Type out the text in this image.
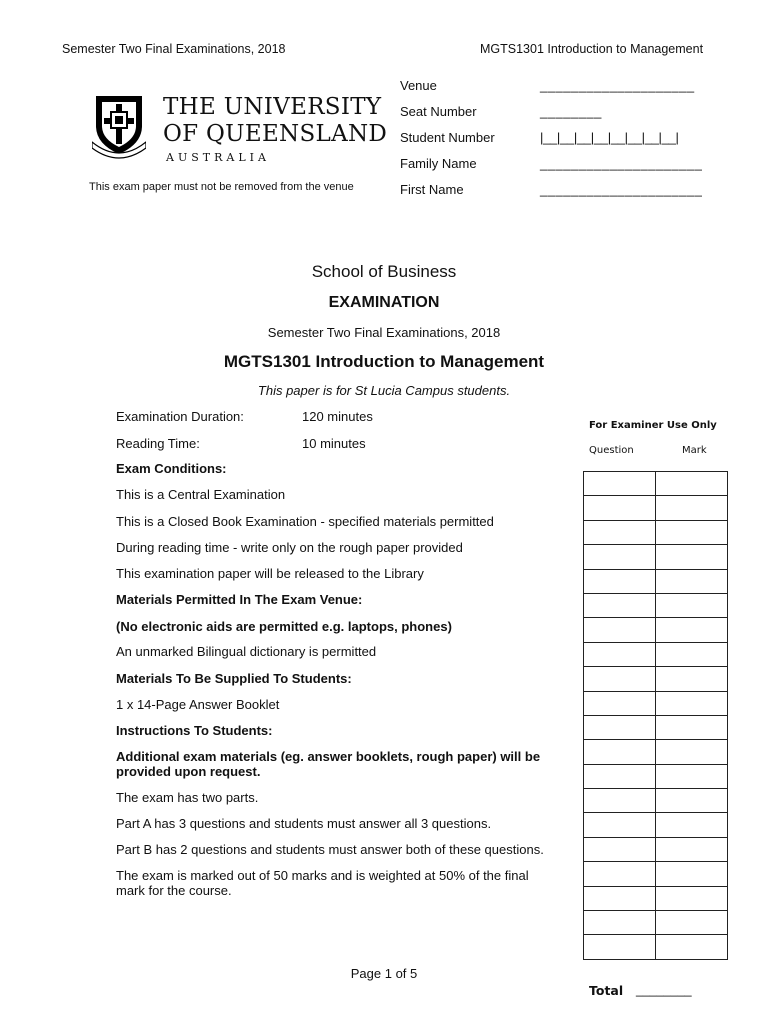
Semester Two Final Examinations, 2018	MGTS1301 Introduction to Management
THE UNIVERSITY
OF QUEENSLAND
AUSTRALIA
This exam paper must not be removed from the venue
Venue	____________________
Seat Number	________
Student Number	|__|__|__|__|__|__|__|__|
Family Name	_____________________
First Name	_____________________
School of Business
EXAMINATION
Semester Two Final Examinations, 2018
MGTS1301 Introduction to Management
This paper is for St Lucia Campus students.
Examination Duration:	120 minutes
Reading Time:	10 minutes
Exam Conditions:
This is a Central Examination
This is a Closed Book Examination - specified materials permitted
During reading time - write only on the rough paper provided
This examination paper will be released to the Library
Materials Permitted In The Exam Venue:
(No electronic aids are permitted e.g. laptops, phones)
An unmarked Bilingual dictionary is permitted
Materials To Be Supplied To Students:
1 x 14-Page Answer Booklet
Instructions To Students:
Additional exam materials (eg. answer booklets, rough paper) will be provided upon request.
The exam has two parts.
Part A has 3 questions and students must answer all 3 questions.
Part B has 2 questions and students must answer both of these questions.
The exam is marked out of 50 marks and is weighted at 50% of the final mark for the course.
For Examiner Use Only
Question	Mark

Total ________
Page 1 of 5
